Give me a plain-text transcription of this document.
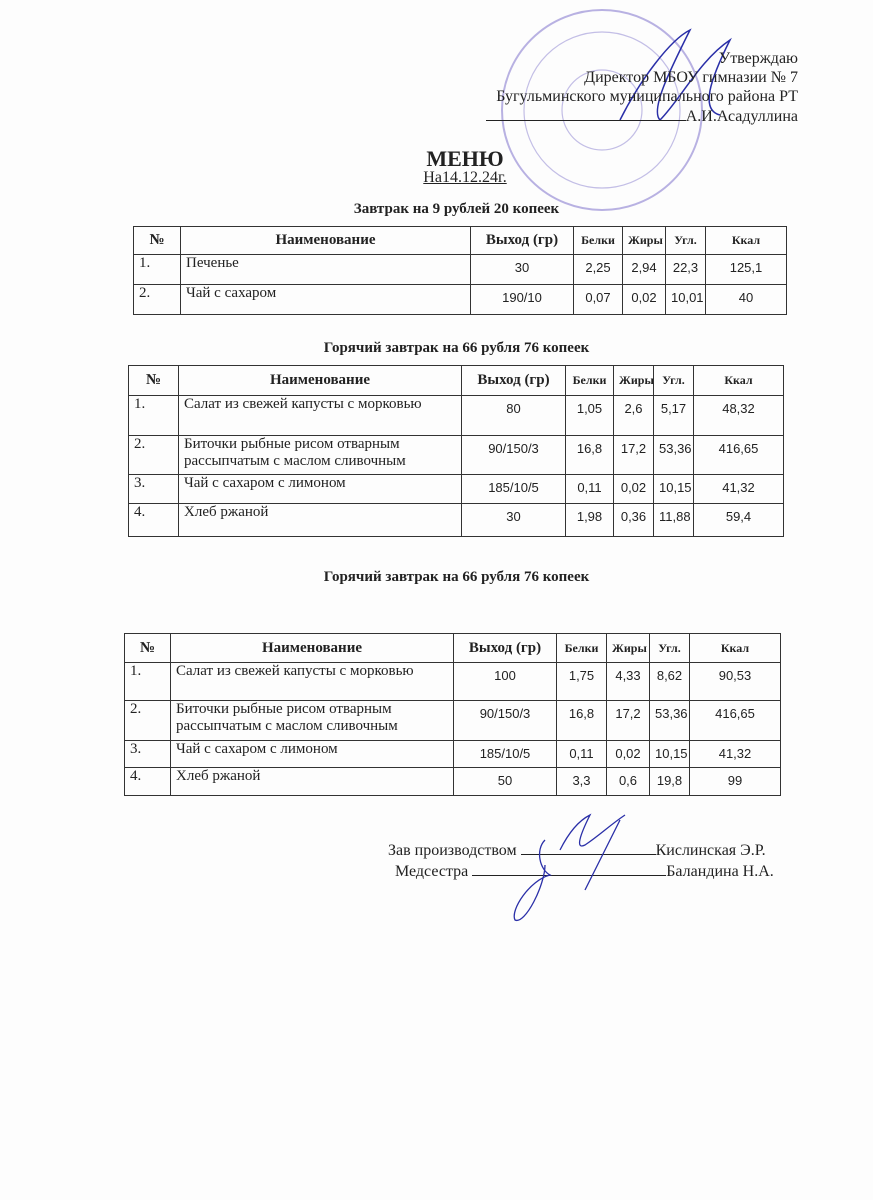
Утверждаю
Директор МБОУ гимназии № 7
Бугульминского муниципального района РТ
А.И.Асадуллина
МЕНЮ
На14.12.24г.
Завтрак на 9 рублей 20 копеек
№	Наименование	Выход (гр)	Белки	Жиры	Угл.	Ккал
1.	Печенье	30	2,25	2,94	22,3	125,1
2.	Чай с сахаром	190/10	0,07	0,02	10,01	40
Горячий завтрак на 66 рубля 76 копеек
№	Наименование	Выход (гр)	Белки	Жиры	Угл.	Ккал
1.	Салат из свежей капусты с морковью	80	1,05	2,6	5,17	48,32
2.	Биточки рыбные рисом отварным рассыпчатым с маслом сливочным	90/150/3	16,8	17,2	53,36	416,65
3.	Чай с сахаром с лимоном	185/10/5	0,11	0,02	10,15	41,32
4.	Хлеб ржаной	30	1,98	0,36	11,88	59,4
Горячий завтрак на 66 рубля 76 копеек
№	Наименование	Выход (гр)	Белки	Жиры	Угл.	Ккал
1.	Салат из свежей капусты с морковью	100	1,75	4,33	8,62	90,53
2.	Биточки рыбные рисом отварным рассыпчатым с маслом сливочным	90/150/3	16,8	17,2	53,36	416,65
3.	Чай с сахаром с лимоном	185/10/5	0,11	0,02	10,15	41,32
4.	Хлеб ржаной	50	3,3	0,6	19,8	99
Зав производством	Кислинская Э.Р.
Медсестра	Баландина Н.А.
